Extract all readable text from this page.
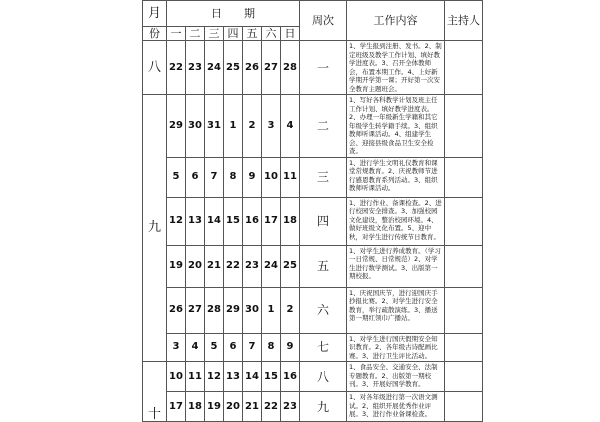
月	日　　期							周次	工作内容	主持人
份	一	二	三	四	五	六	日			
八	22	23	24	25	26	27	28	一	1、学生报到注册、发书。2、制定班级及教学工作计划、填好教学进度表。3、召开全体教师会，布置本期工作。4、上好新学期开学第一课；开好第一次安全教育主题班会。	

九	29	30	31	1	2	3	4	二	1、写好各科教学计划及班主任工作计划、填好教学进度表。2、办理一年级新生学籍和其它年级学生转学籍手续。3、组织教师听课活动。4、组建学生会、迎接县级食品卫生安全检查。	

	5	6	7	8	9	10	11	三	1、进行学生文明礼仪教育和课堂常规教育。2、庆祝教师节进行感恩教育系列活动。3、组织教师听课活动。	

	12	13	14	15	16	17	18	四	1、进行作业、备课检查。2、进行校园安全排查。3、加强校园文化建设，整治校园环境。4、做好班级文化布置。5、迎中秋，对学生进行传统节日教育。	

	19	20	21	22	23	24	25	五	1、对学生进行养成教育。（学习一日常规、日常规范）2、对学生进行数学测试。3、出版第一期校报。	

	26	27	28	29	30	1	2	六	1、庆祝国庆节，进行迎国庆手抄报比赛。2、对学生进行安全教育，举行疏散演练。3、播送第一期红领巾广播站。	

	3	4	5	6	7	8	9	七	1、对学生进行国庆假期安全知识教育。2、各年级古诗配画比赛。3、进行卫生评比活动。	

十	10	11	12	13	14	15	16	八	1、食品安全、交通安全、法制专题教育。2、出版第一期校刊。3、开展好国学教育。	

	17	18	19	20	21	22	23	九	1、对各年级进行第一次语文测试。2、组织开展优秀作业评展。3、进行作业备课检查。	
